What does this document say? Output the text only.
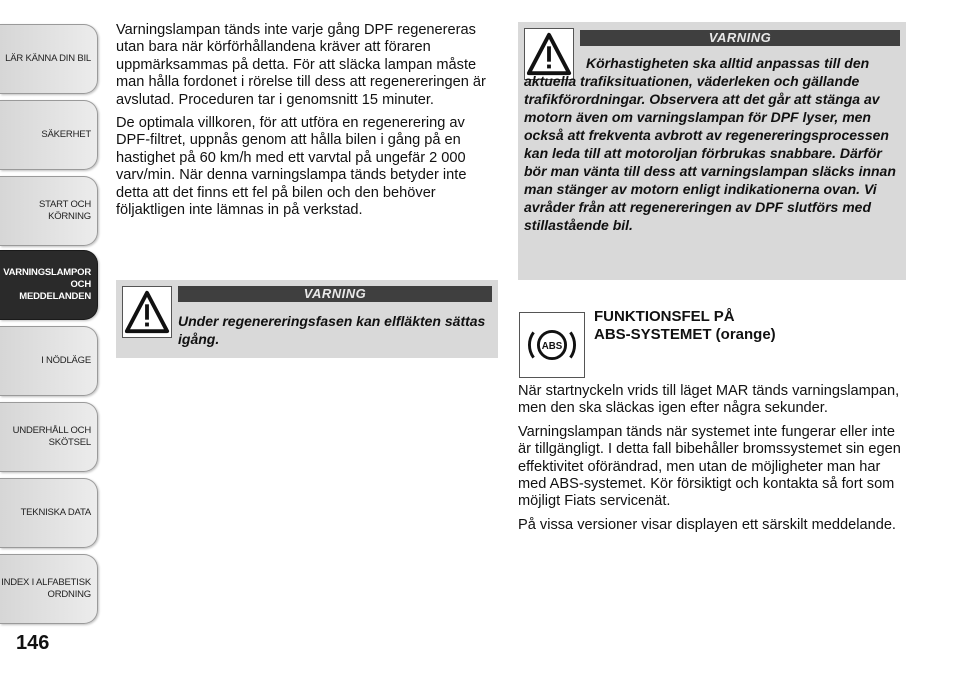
LÄR KÄNNA DIN BIL
SÄKERHET
START OCH
KÖRNING
VARNINGSLAMPOR
OCH
MEDDELANDEN
I NÖDLÄGE
UNDERHÅLL OCH
SKÖTSEL
TEKNISKA DATA
INDEX I ALFABETISK
ORDNING
146

Varningslampan tänds inte varje gång DPF regenereras utan bara när körförhållandena kräver att föraren uppmärksammas på detta. För att släcka lampan måste man hålla fordonet i rörelse till dess att regenereringen är avslutad. Proceduren tar i genomsnitt 15 minuter.

De optimala villkoren, för att utföra en regenerering av DPF-filtret, uppnås genom att hålla bilen i gång på en hastighet på 60 km/h med ett varvtal på ungefär 2 000 varv/min. När denna varningslampa tänds betyder inte detta att det finns ett fel på bilen och den behöver följaktligen inte lämnas in på verkstad.

VARNING
Under regenereringsfasen kan elfläkten sättas igång.
VARNING
Körhastigheten ska alltid anpassas till den aktuella trafiksituationen, väderleken och gällande trafikförordningar. Observera att det går att stänga av motorn även om varningslampan för DPF lyser, men också att frekventa avbrott av regenereringsprocessen kan leda till att motoroljan förbrukas snabbare. Därför bör man vänta till dess att varningslampan släcks innan man stänger av motorn enligt indikationerna ovan. Vi avråder från att regenereringen av DPF slutförs med stillastående bil.
ABS
FUNKTIONSFEL PÅ
ABS-SYSTEMET (orange)

När startnyckeln vrids till läget MAR tänds varningslampan, men den ska släckas igen efter några sekunder.

Varningslampan tänds när systemet inte fungerar eller inte är tillgängligt. I detta fall bibehåller bromssystemet sin egen effektivitet oförändrad, men utan de möjligheter man har med ABS-systemet. Kör försiktigt och kontakta så fort som möjligt Fiats servicenät.

På vissa versioner visar displayen ett särskilt meddelande.
